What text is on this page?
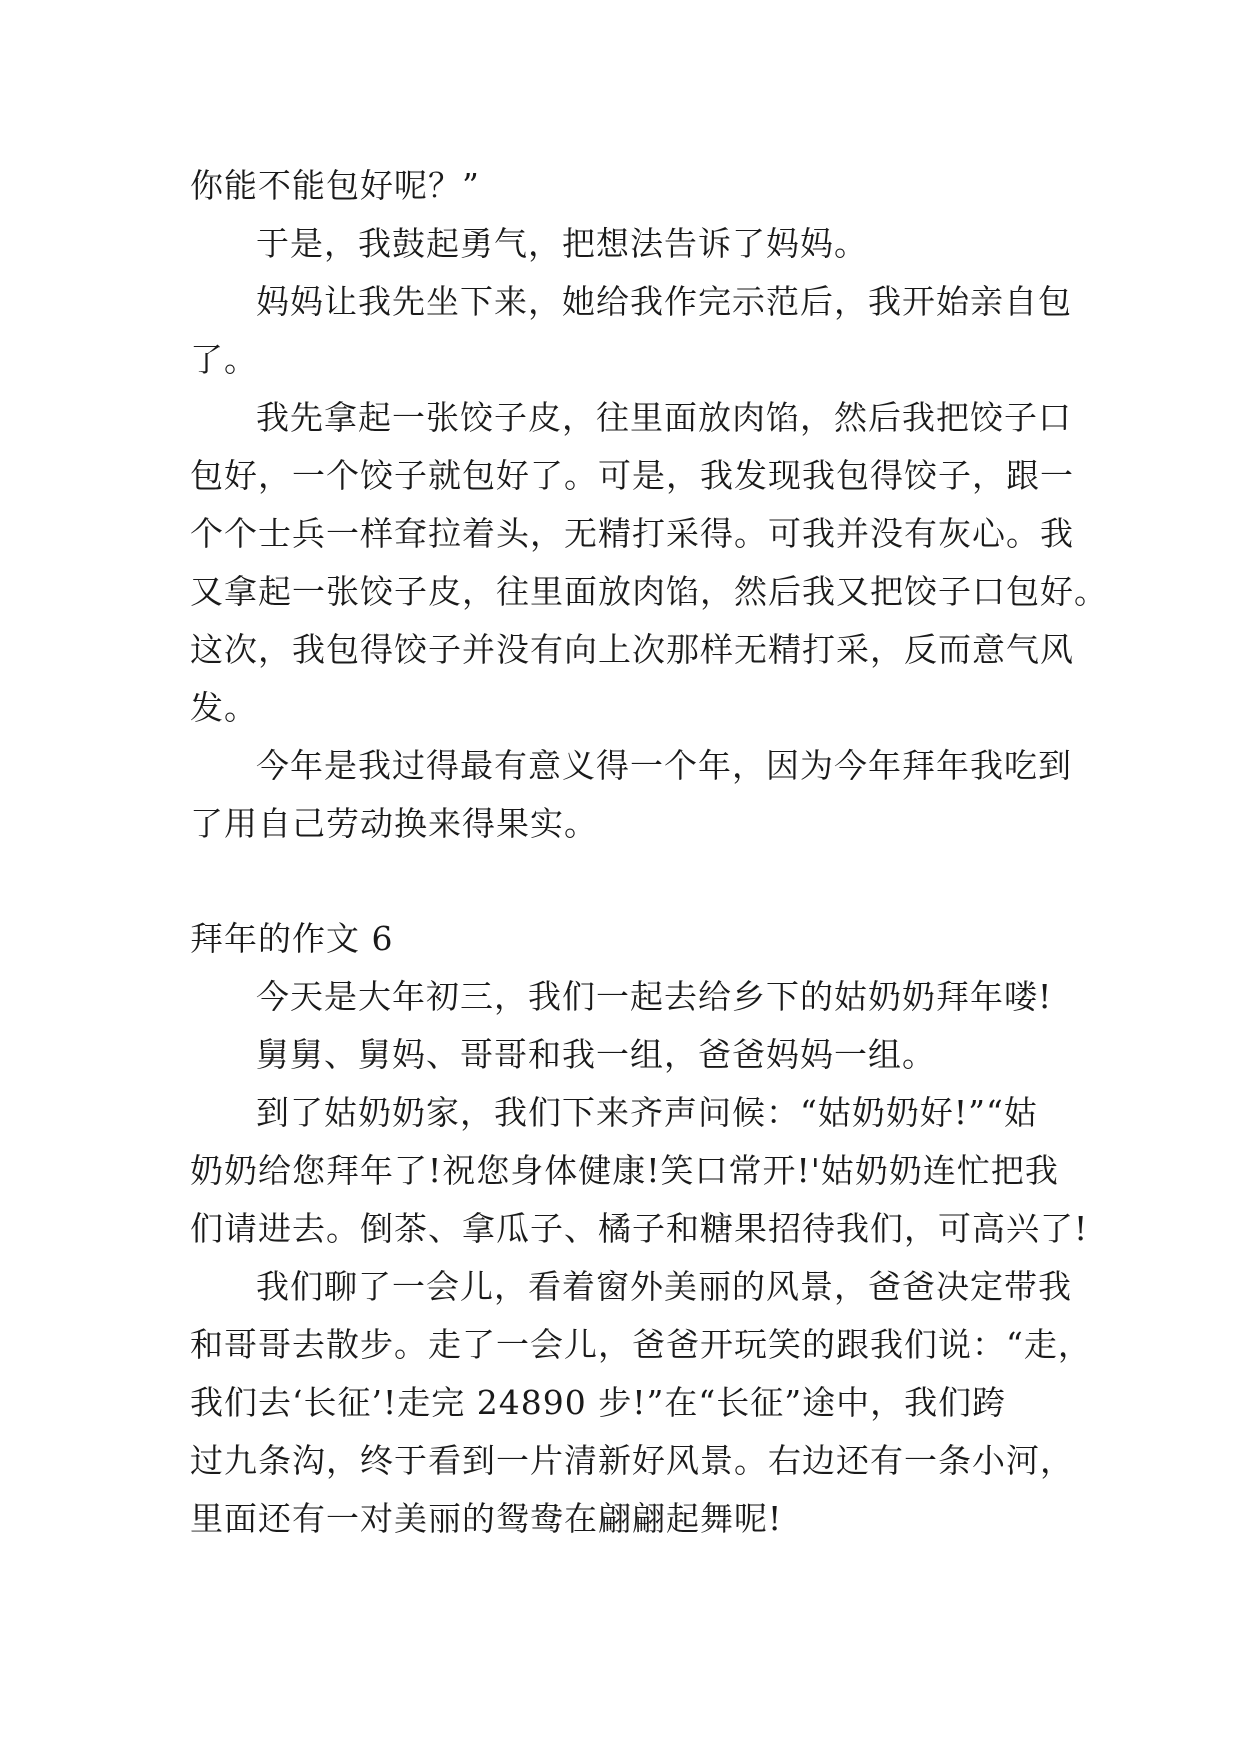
你能不能包好呢？”
于是，我鼓起勇气，把想法告诉了妈妈。
妈妈让我先坐下来，她给我作完示范后，我开始亲自包
了。
我先拿起一张饺子皮，往里面放肉馅，然后我把饺子口
包好，一个饺子就包好了。可是，我发现我包得饺子，跟一
个个士兵一样耷拉着头，无精打采得。可我并没有灰心。我
又拿起一张饺子皮，往里面放肉馅，然后我又把饺子口包好。
这次，我包得饺子并没有向上次那样无精打采，反而意气风
发。
今年是我过得最有意义得一个年，因为今年拜年我吃到
了用自己劳动换来得果实。
拜年的作文 6
今天是大年初三，我们一起去给乡下的姑奶奶拜年喽!
舅舅、舅妈、哥哥和我一组，爸爸妈妈一组。
到了姑奶奶家，我们下来齐声问候：“姑奶奶好!”“姑
奶奶给您拜年了!祝您身体健康!笑口常开!'姑奶奶连忙把我
们请进去。倒茶、拿瓜子、橘子和糖果招待我们，可高兴了!
我们聊了一会儿，看着窗外美丽的风景，爸爸决定带我
和哥哥去散步。走了一会儿，爸爸开玩笑的跟我们说：“走，
我们去‘长征’!走完 24890 步!”在“长征”途中，我们跨
过九条沟，终于看到一片清新好风景。右边还有一条小河，
里面还有一对美丽的鸳鸯在翩翩起舞呢!
